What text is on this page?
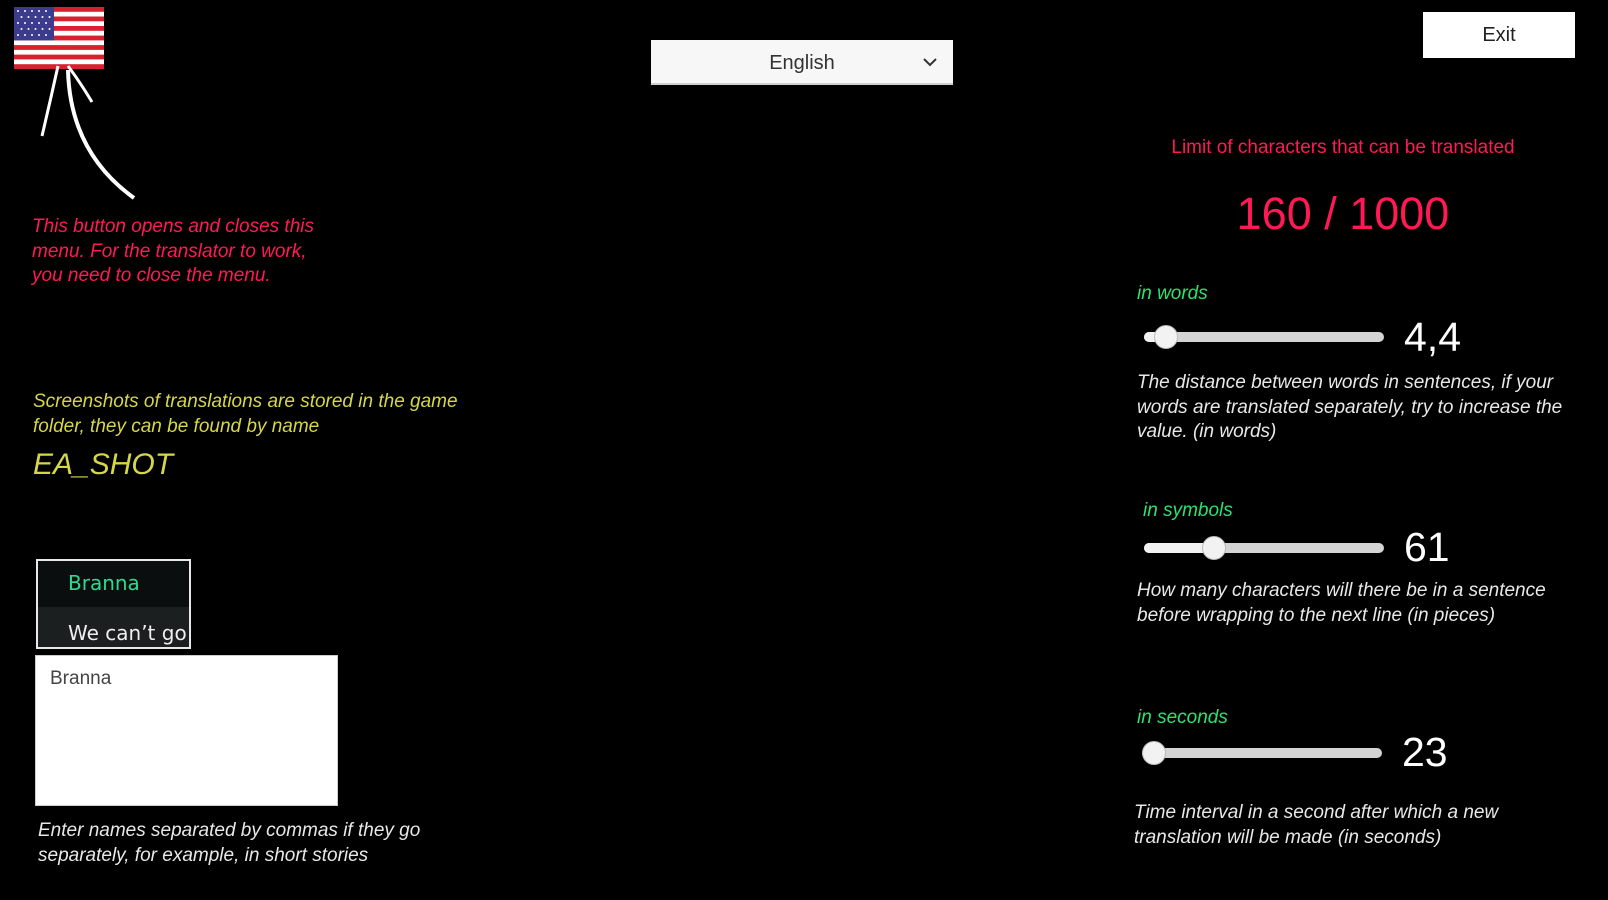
This button opens and closes this menu. For the translator to work, you need to close the menu.
Screenshots of translations are stored in the game folder, they can be found by name
EA_SHOT
Branna
We can’t go
Branna
Enter names separated by commas if they go separately, for example, in short stories
English
Exit
Limit of characters that can be translated
160 / 1000
in words
4,4
The distance between words in sentences, if your words are translated separately, try to increase the value. (in words)
in symbols
61
How many characters will there be in a sentence before wrapping to the next line (in pieces)
in seconds
23
Time interval in a second after which a new translation will be made (in seconds)
